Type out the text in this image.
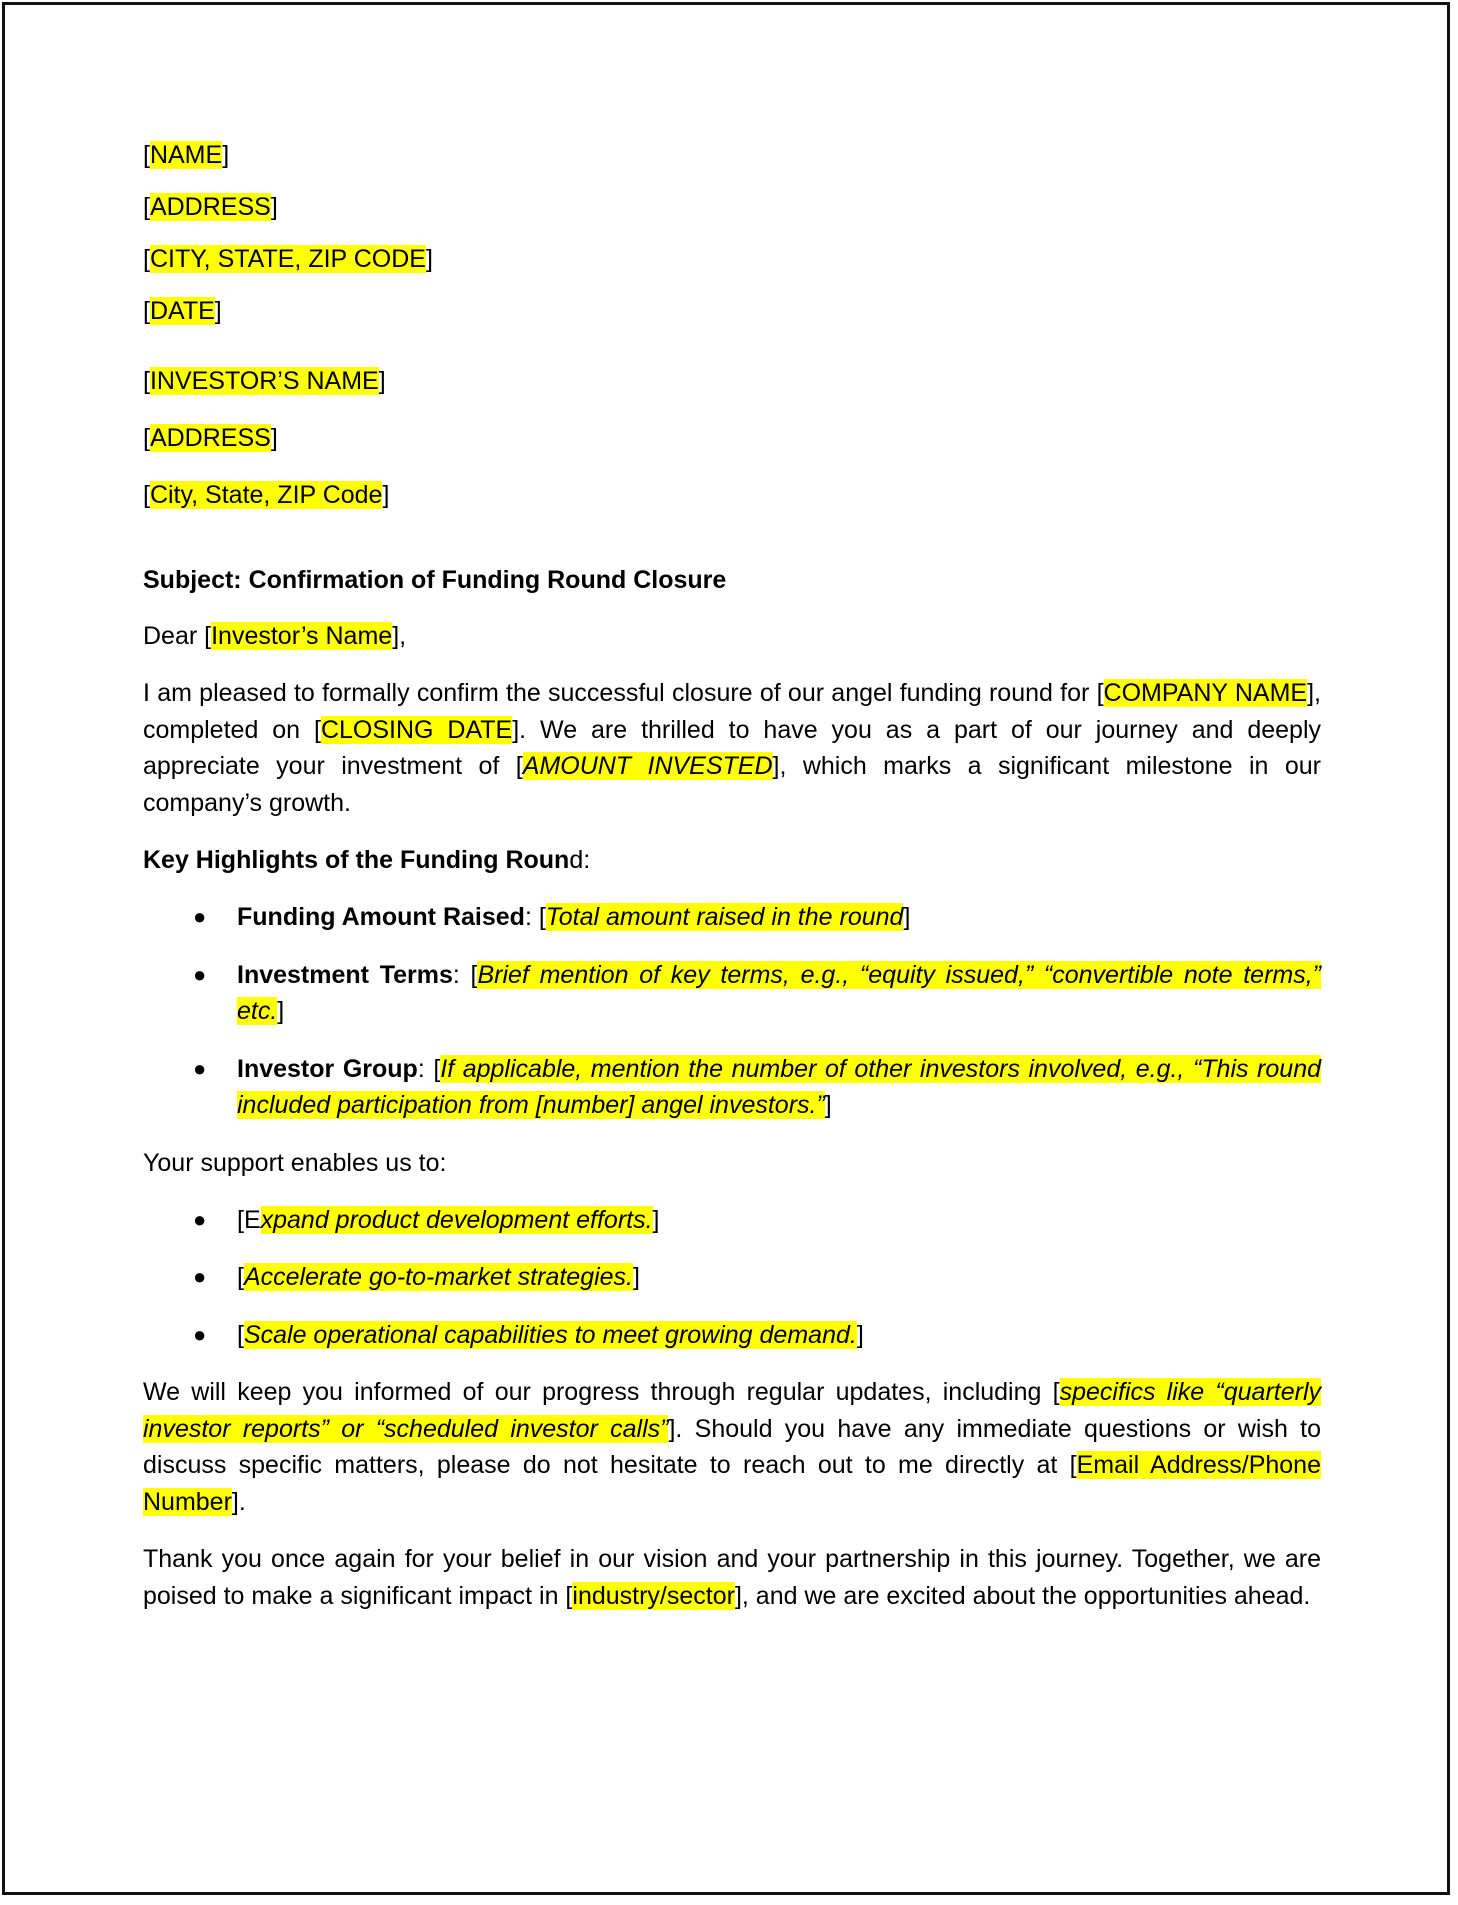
[NAME]
[ADDRESS]
[CITY, STATE, ZIP CODE]
[DATE]
[INVESTOR’S NAME]
[ADDRESS]
[City, State, ZIP Code]

Subject: Confirmation of Funding Round Closure

Dear [Investor’s Name],

I am pleased to formally confirm the successful closure of our angel funding round for [COMPANY NAME], completed on [CLOSING DATE]. We are thrilled to have you as a part of our journey and deeply appreciate your investment of [AMOUNT INVESTED], which marks a significant milestone in our company’s growth.

Key Highlights of the Funding Round:

● Funding Amount Raised: [Total amount raised in the round]
● Investment Terms: [Brief mention of key terms, e.g., “equity issued,” “convertible note terms,” etc.]
● Investor Group: [If applicable, mention the number of other investors involved, e.g., “This round included participation from [number] angel investors.”]

Your support enables us to:

● [Expand product development efforts.]
● [Accelerate go-to-market strategies.]
● [Scale operational capabilities to meet growing demand.]

We will keep you informed of our progress through regular updates, including [specifics like “quarterly investor reports” or “scheduled investor calls”]. Should you have any immediate questions or wish to discuss specific matters, please do not hesitate to reach out to me directly at [Email Address/Phone Number].

Thank you once again for your belief in our vision and your partnership in this journey. Together, we are poised to make a significant impact in [industry/sector], and we are excited about the opportunities ahead.
